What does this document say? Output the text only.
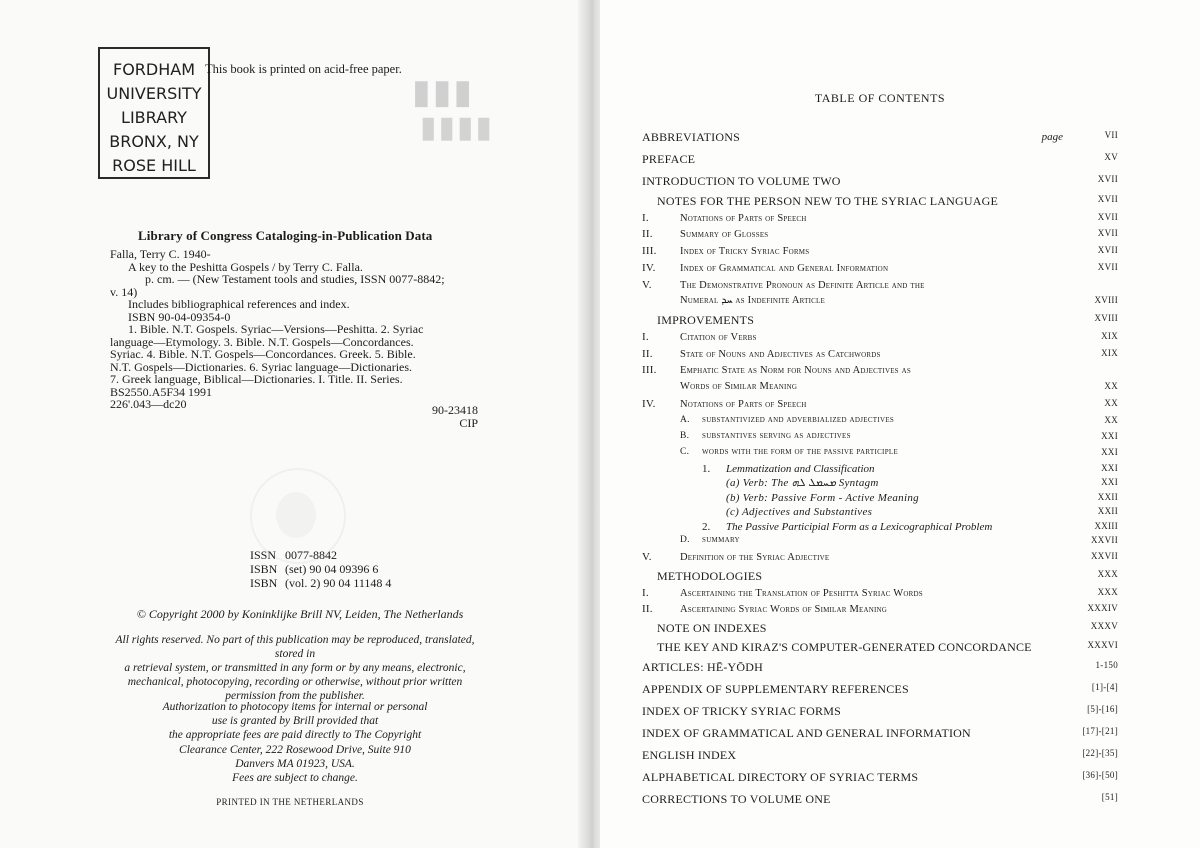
▮▮▮
▮▮▮▮
FORDHAM
UNIVERSITY
LIBRARY
BRONX, NY
ROSE HILL
This book is printed on acid-free paper.
Library of Congress Cataloging-in-Publication Data
Falla, Terry C. 1940-
A key to the Peshitta Gospels / by Terry C. Falla.
p. cm. — (New Testament tools and studies, ISSN 0077-8842;
v. 14)
Includes bibliographical references and index.
ISBN 90-04-09354-0
1. Bible. N.T. Gospels. Syriac—Versions—Peshitta. 2. Syriac
language—Etymology. 3. Bible. N.T. Gospels—Concordances.
Syriac. 4. Bible. N.T. Gospels—Concordances. Greek. 5. Bible.
N.T. Gospels—Dictionaries. 6. Syriac language—Dictionaries.
7. Greek language, Biblical—Dictionaries. I. Title. II. Series.
BS2550.A5F34 1991
226'.043—dc20	90-23418
CIP
ISSN 0077-8842
ISBN (set) 90 04 09396 6
ISBN (vol. 2) 90 04 11148 4
© Copyright 2000 by Koninklijke Brill NV, Leiden, The Netherlands
All rights reserved. No part of this publication may be reproduced, translated, stored in
a retrieval system, or transmitted in any form or by any means, electronic,
mechanical, photocopying, recording or otherwise, without prior written
permission from the publisher.
Authorization to photocopy items for internal or personal
use is granted by Brill provided that
the appropriate fees are paid directly to The Copyright
Clearance Center, 222 Rosewood Drive, Suite 910
Danvers MA 01923, USA.
Fees are subject to change.
PRINTED IN THE NETHERLANDS
TABLE OF CONTENTS
page
ABBREVIATIONS	VII
PREFACE	XV
INTRODUCTION TO VOLUME TWO	XVII
NOTES FOR THE PERSON NEW TO THE SYRIAC LANGUAGE	XVII
I.	Notations of Parts of Speech	XVII
II.	Summary of Glosses	XVII
III. Index of Tricky Syriac Forms	XVII
IV. Index of Grammatical and General Information	XVII
V.	The Demonstrative Pronoun as Definite Article and the
Numeral ܚܕ as Indefinite Article	XVIII
IMPROVEMENTS	XVIII
I.	Citation of Verbs	XIX
II.	State of Nouns and Adjectives as Catchwords	XIX
III. Emphatic State as Norm for Nouns and Adjectives as
Words of Similar Meaning	XX
IV. Notations of Parts of Speech	XX
A. substantivized and adverbialized adjectives	XX
B. substantives serving as adjectives	XXI
C. words with the form of the passive participle	XXI
1. Lemmatization and Classification	XXI
(a) Verb: The ܡܚܡܠ ܠܗ Syntagm	XXI
(b) Verb: Passive Form - Active Meaning	XXII
(c) Adjectives and Substantives	XXII
2. The Passive Participial Form as a Lexicographical Problem	XXIII
D. summary	XXVII
V.	Definition of the Syriac Adjective	XXVII
METHODOLOGIES	XXX
I.	Ascertaining the Translation of Peshitta Syriac Words	XXX
II.	Ascertaining Syriac Words of Similar Meaning	XXXIV
NOTE ON INDEXES	XXXV
THE KEY AND KIRAZ'S COMPUTER-GENERATED CONCORDANCE	XXXVI
ARTICLES: HĒ-YŌDH	1-150
APPENDIX OF SUPPLEMENTARY REFERENCES	[1]-[4]
INDEX OF TRICKY SYRIAC FORMS	[5]-[16]
INDEX OF GRAMMATICAL AND GENERAL INFORMATION	[17]-[21]
ENGLISH INDEX	[22]-[35]
ALPHABETICAL DIRECTORY OF SYRIAC TERMS	[36]-[50]
CORRECTIONS TO VOLUME ONE	[51]
